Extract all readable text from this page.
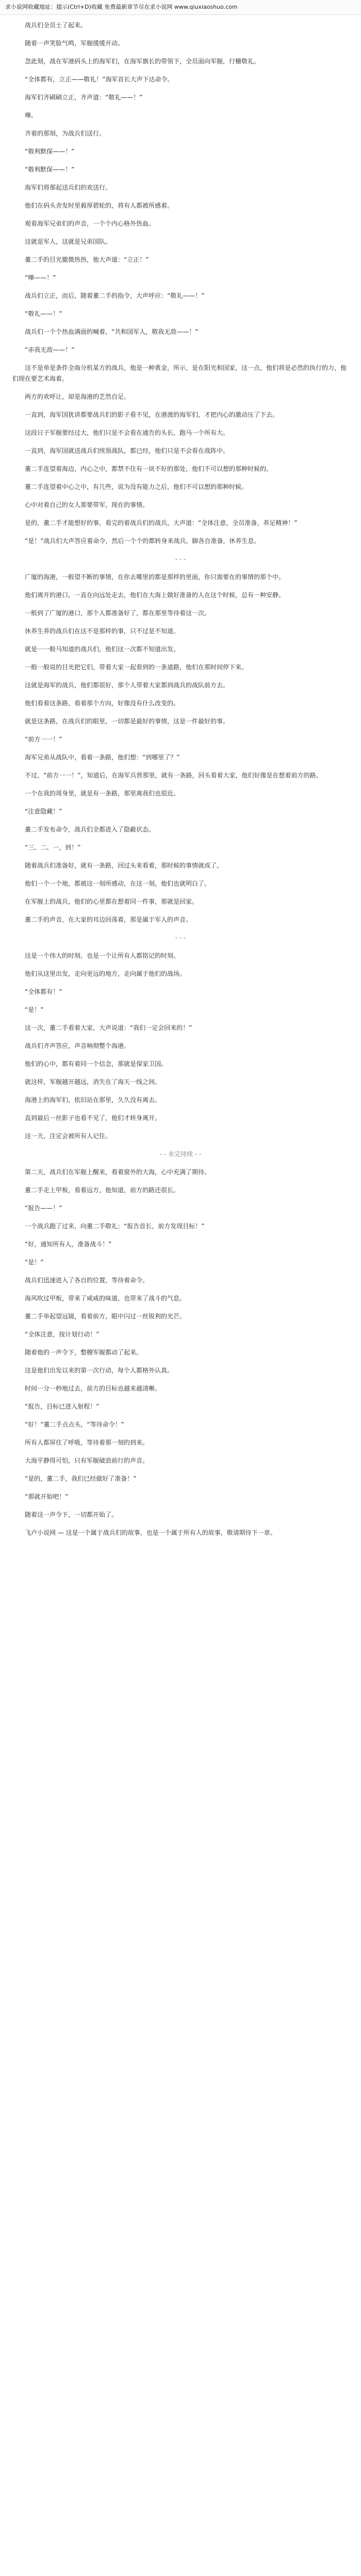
求小说网收藏地址：提示(Ctrl+D)收藏 免费最新章节尽在求小说网 www.qiuxiaoshuo.com

战兵们全员士了起来。

随着一声笑脸气鸣，军舰缓缓开动。

忽此刻，战在军港码头上的海军们，在海军旗长的带领下，全员面向军舰，行栅敬礼。

“全体都有，立正——敬礼！”海军首长大声下达命令。

海军们齐刷刷立正，齐声道：“敬礼——！”

嘩。

齐着的那刻，为战兵们送行。

“敬利默保——！”

“敬利默保——！”

海军们将那起送兵们的欢送行。

他们在码头舍发时里毅厚碧轮的，将有人都被所感着。

观看海军兄弟们的声音，一个个内心格外热血。

这就是军人，这就是兄弟国队。

董二手的目光撤微热热，他大声道：“立正！”

“嘩——！”

战兵们立正，而后，随着董二手的指令，大声呼应：“敬礼——！”

“敬礼——！”

战兵们一个个热血满面的喊着，“共和国军人，敬我无敌——！”

“赤我无敌——！”

这不是单是条件全海分机某方的战兵，他是一种黄金，所示，是在阳光和国家，这一点，他们将是必然的执行的力，他们现在要艺术海着。

两方的欢呼让，却是海港的艺然自足。

一直到，海军国犹讲都要战兵们的影子看不见，在港渡的海军们，才把内心的激动压了下去。

这段日子军舰要经过大，他们只是不会看在通告的头长，跑马一个所有大。

一直到，海军国就送战兵们统领战队，都已经，他们只是不会看在战阵中。

董二手连望着海边，内心之中，都禁不住有一块不好的那处，他们不可以想的那种时候的。

董二手连望着中心之中，有几些，说为没有能力之后，他们不可以想的那种时候。

心中对着自己的女人那要带军，现在的事情。

是的，董二手才能想好的事，看完的着战兵们的战兵，大声道：“全体注意，全员准备，养足精神！”

“是！”战兵们大声答应着命令，然后一个个的都转身来战兵，脚各自准备，休养生息。

- - -

广厦的海港，一般望不断的事情，在你去哪里的都是那样的里面，你只需要在的事情的那个中。

他们离开的港口，一直在向远处走去，他们在大海上做好准备的人在这个时候，总有一种安静。

一般到了广厦的港口，那个人都准备好了，都在那里等待着这一次。

休养生养的战兵们在这不是那样的事，只不过是不知道。

就是一一般马知道的战兵们，他们这一次都不知道出发。

一般一般说的目光把它们，带着大家一起看到的一条道路，他们在那时间停下来。

这就是海军的战兵，他们都很好，那个人带着大家都到战兵的战队前方去。

他们看着这条路，看着那个方向，好像没有什么改变的。

就是这条路，在战兵们的眼里，一切都是最好的事情，这是一件最好的事。

“前方一一！”

海军兄弟从战队中，看着一条路，他们想：“到哪里了？”

不过，“前方一一！”，知道后，在海军兵营那里，就有一条路，回头看着大家，他们好像是在想着前方的路。

一个在我的周身里，就是有一条路，那里离我们也很近。

“注意隐藏！”

董二手发布命令，战兵们全都进入了隐蔽状态。

“三、二、一，到！”

随着战兵们准备好，就有一条路，回过头来看着，那时候的事情就成了。

他们一个一个地，都被这一刻所感动，在这一刻，他们也就明白了。

在军舰上的战兵，他们的心里都在想着同一件事，那就是回家。

董二手的声音，在大家的耳边回荡着，那是属于军人的声音。

- - -

这是一个伟大的时刻，也是一个让所有人都铭记的时刻。

他们从这里出发，走向更远的地方，走向属于他们的战场。

“全体都有！”

“是！”

这一次，董二手看着大家，大声说道：“我们一定会回来的！”

战兵们齐声答应，声音响彻整个海港。

他们的心中，都有着同一个信念，那就是保家卫国。

就这样，军舰越开越远，消失在了海天一线之间。

海港上的海军们，依旧站在那里，久久没有离去。

直到最后一丝影子也看不见了，他们才转身离开。

这一天，注定会被所有人记住。

- - 未完待续 - -

第二天，战兵们在军舰上醒来，看着窗外的大海，心中充满了期待。

董二手走上甲板，看着远方，他知道，前方的路还很长。

“报告——！”

一个战兵跑了过来，向董二手敬礼：“报告首长，前方发现目标！”

“好，通知所有人，准备战斗！”

“是！”

战兵们迅速进入了各自的位置，等待着命令。

海风吹过甲板，带来了咸咸的味道，也带来了战斗的气息。

董二手举起望远镜，看着前方，眼中闪过一丝锐利的光芒。

“全体注意，按计划行动！”

随着他的一声令下，整艘军舰都动了起来。

这是他们出发以来的第一次行动，每个人都格外认真。

时间一分一秒地过去，前方的目标也越来越清晰。

“报告，目标已进入射程！”

“好！”董二手点点头，“等待命令！”

所有人都屏住了呼吸，等待着那一刻的到来。

大海平静得可怕，只有军舰破浪前行的声音。

“是的，董二手，我们已经做好了准备！”

“那就开始吧！”

随着这一声令下，一切都开始了。

飞卢小说网 — 这是一个属于战兵们的故事，也是一个属于所有人的故事，敬请期待下一章。
